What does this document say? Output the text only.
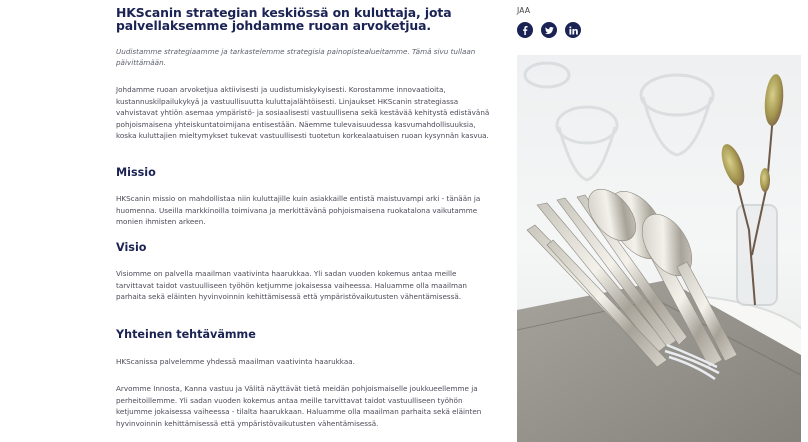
HKScanin strategian keskiössä on kuluttaja, jota palvellaksemme johdamme ruoan arvoketjua.

Uudistamme strategiaamme ja tarkastelemme strategisia painopistealueitamme. Tämä sivu tullaan päivittämään.

Johdamme ruoan arvoketjua aktiivisesti ja uudistumiskykyisesti. Korostamme innovaatioita, kustannuskilpailukykyä ja vastuullisuutta kuluttajalähtöisesti. Linjaukset HKScanin strategiassa vahvistavat yhtiön asemaa ympäristö- ja sosiaalisesti vastuullisena sekä kestävää kehitystä edistävänä pohjoismaisena yhteiskuntatoimijana entisestään. Näemme tulevaisuudessa kasvumahdollisuuksia, koska kuluttajien mieltymykset tukevat vastuullisesti tuotetun korkealaatuisen ruoan kysynnän kasvua.

Missio

HKScanin missio on mahdollistaa niin kuluttajille kuin asiakkaille entistä maistuvampi arki - tänään ja huomenna. Useilla markkinoilla toimivana ja merkittävänä pohjoismaisena ruokatalona vaikutamme monien ihmisten arkeen.

Visio

Visiomme on palvella maailman vaativinta haarukkaa. Yli sadan vuoden kokemus antaa meille tarvittavat taidot vastuulliseen työhön ketjumme jokaisessa vaiheessa. Haluamme olla maailman parhaita sekä eläinten hyvinvoinnin kehittämisessä että ympäristövaikutusten vähentämisessä.

Yhteinen tehtävämme

HKScanissa palvelemme yhdessä maailman vaativinta haarukkaa.

Arvomme Innosta, Kanna vastuu ja Välitä näyttävät tietä meidän pohjoismaiselle joukkueellemme ja perheitoillemme. Yli sadan vuoden kokemus antaa meille tarvittavat taidot vastuulliseen työhön ketjumme jokaisessa vaiheessa - tilalta haarukkaan. Haluamme olla maailman parhaita sekä eläinten hyvinvoinnin kehittämisessä että ympäristövaikutusten vähentämisessä.

JAA
